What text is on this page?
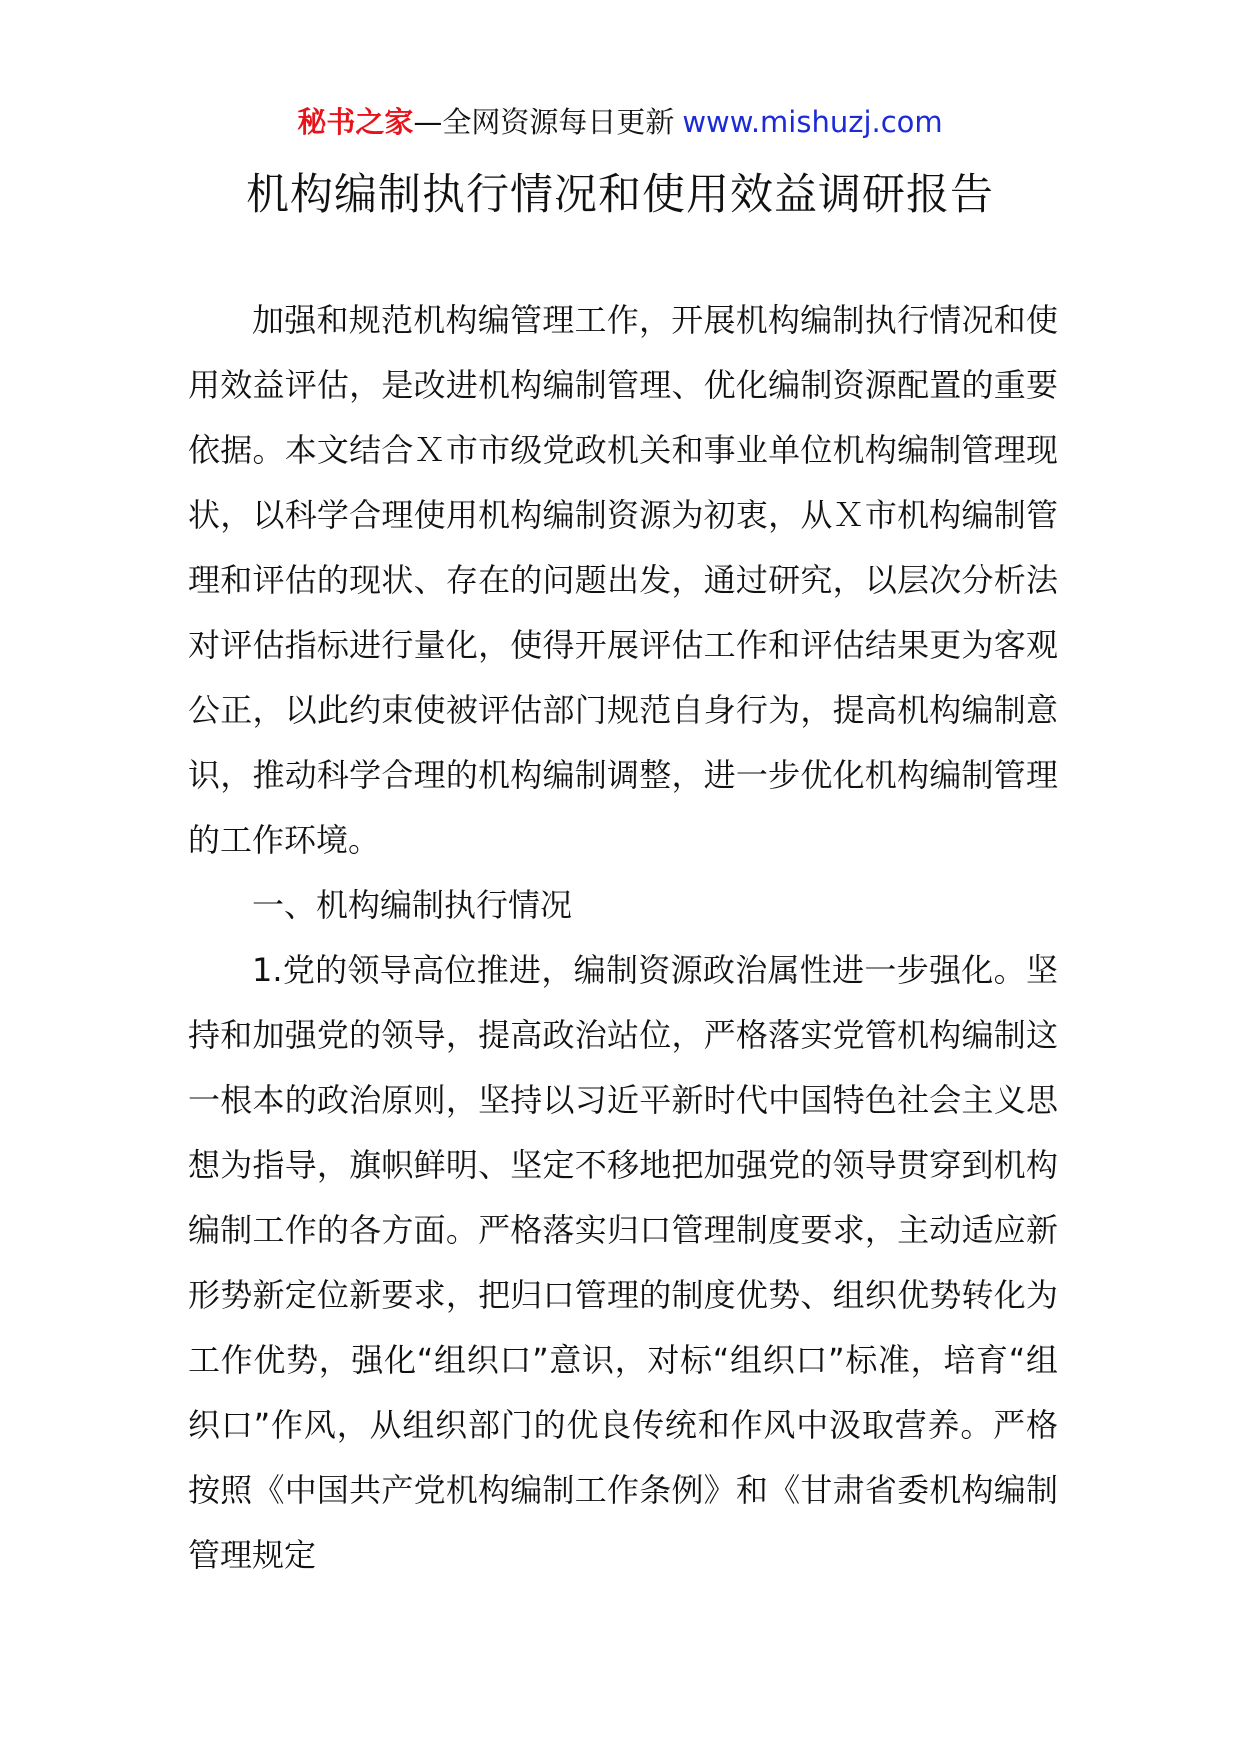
秘书之家—全网资源每日更新 www.mishuzj.com
机构编制执行情况和使用效益调研报告

加强和规范机构编管理工作，开展机构编制执行情况和使用效益评估，是改进机构编制管理、优化编制资源配置的重要依据。本文结合Ｘ市市级党政机关和事业单位机构编制管理现状，以科学合理使用机构编制资源为初衷，从Ｘ市机构编制管理和评估的现状、存在的问题出发，通过研究，以层次分析法对评估指标进行量化，使得开展评估工作和评估结果更为客观公正，以此约束使被评估部门规范自身行为，提高机构编制意识，推动科学合理的机构编制调整，进一步优化机构编制管理的工作环境。

一、机构编制执行情况

1.党的领导高位推进，编制资源政治属性进一步强化。坚持和加强党的领导，提高政治站位，严格落实党管机构编制这一根本的政治原则，坚持以习近平新时代中国特色社会主义思想为指导，旗帜鲜明、坚定不移地把加强党的领导贯穿到机构编制工作的各方面。严格落实归口管理制度要求，主动适应新形势新定位新要求，把归口管理的制度优势、组织优势转化为工作优势，强化“组织口”意识，对标“组织口”标准，培育“组织口”作风，从组织部门的优良传统和作风中汲取营养。严格按照《中国共产党机构编制工作条例》和《甘肃省委机构编制管理规定
